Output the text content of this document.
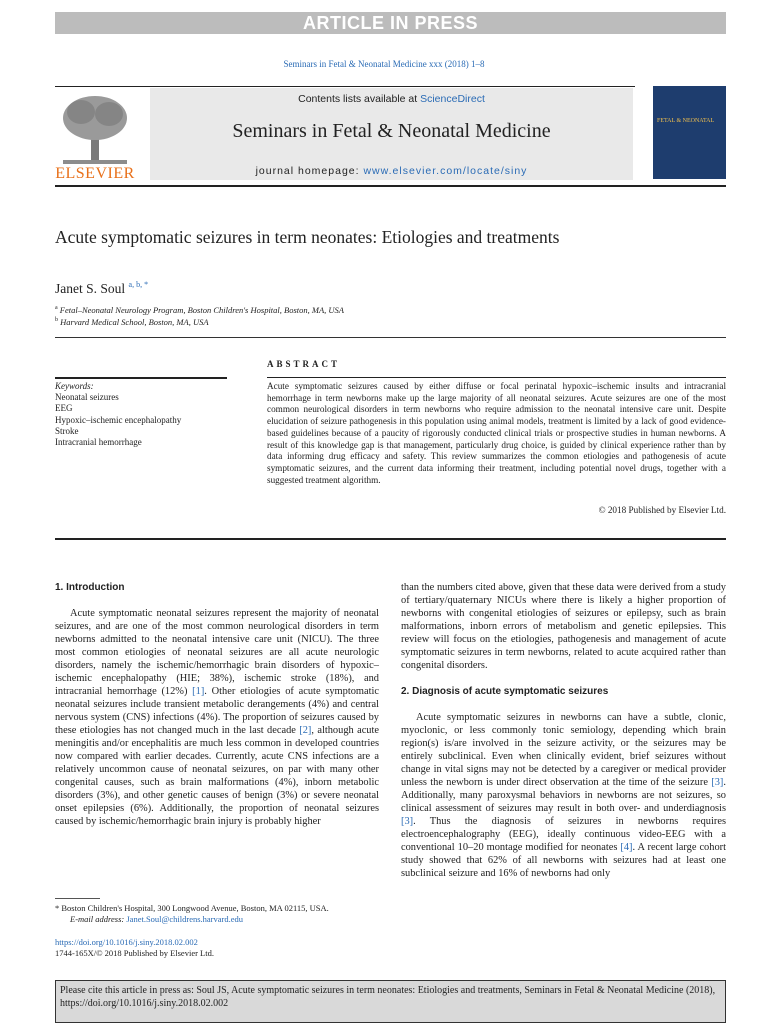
ARTICLE IN PRESS
Seminars in Fetal & Neonatal Medicine xxx (2018) 1–8
ELSEVIER
Contents lists available at ScienceDirect
Seminars in Fetal & Neonatal Medicine
journal homepage: www.elsevier.com/locate/siny
FETAL & NEONATAL
Acute symptomatic seizures in term neonates: Etiologies and treatments
Janet S. Soul $^{a, b, *}$
$^a$ Fetal–Neonatal Neurology Program, Boston Children's Hospital, Boston, MA, USA
$^b$ Harvard Medical School, Boston, MA, USA
ABSTRACT
Keywords:
Neonatal seizures
EEG
Hypoxic–ischemic encephalopathy
Stroke
Intracranial hemorrhage
Acute symptomatic seizures caused by either diffuse or focal perinatal hypoxic–ischemic insults and intracranial hemorrhage in term newborns make up the large majority of all neonatal seizures. Acute seizures are one of the most common neurological disorders in term newborns who require admission to the neonatal intensive care unit. Despite elucidation of seizure pathogenesis in this population using animal models, treatment is limited by a lack of good evidence-based guidelines because of a paucity of rigorously conducted clinical trials or prospective studies in human newborns. A result of this knowledge gap is that management, particularly drug choice, is guided by clinical experience rather than by data informing drug efficacy and safety. This review summarizes the common etiologies and pathogenesis of acute symptomatic seizures, and the current data informing their treatment, including potential novel drugs, together with a suggested treatment algorithm.
© 2018 Published by Elsevier Ltd.
1. Introduction
Acute symptomatic neonatal seizures represent the majority of neonatal seizures, and are one of the most common neurological disorders in term newborns admitted to the neonatal intensive care unit (NICU). The three most common etiologies of neonatal seizures are all acute neurologic disorders, namely the ischemic/hemorrhagic brain disorders of hypoxic–ischemic encephalopathy (HIE; 38%), ischemic stroke (18%), and intracranial hemorrhage (12%) [1]. Other etiologies of acute symptomatic neonatal seizures include transient metabolic derangements (4%) and central nervous system (CNS) infections (4%). The proportion of seizures caused by these etiologies has not changed much in the last decade [2], although acute meningitis and/or encephalitis are much less common in developed countries now compared with earlier decades. Currently, acute CNS infections are a relatively uncommon cause of neonatal seizures, on par with many other congenital causes, such as brain malformations (4%), inborn metabolic disorders (3%), and other genetic causes of benign (3%) or severe neonatal onset epilepsies (6%). Additionally, the proportion of neonatal seizures caused by ischemic/hemorrhagic brain injury is probably higher
than the numbers cited above, given that these data were derived from a study of tertiary/quaternary NICUs where there is likely a higher proportion of newborns with congenital etiologies of seizures or epilepsy, such as brain malformations, inborn errors of metabolism and genetic epilepsies. This review will focus on the etiologies, pathogenesis and management of acute symptomatic seizures in term newborns, related to acute acquired rather than congenital disorders.
2. Diagnosis of acute symptomatic seizures
Acute symptomatic seizures in newborns can have a subtle, clonic, myoclonic, or less commonly tonic semiology, depending which brain region(s) is/are involved in the seizure activity, or the seizures may be entirely subclinical. Even when clinically evident, brief seizures without change in vital signs may not be detected by a caregiver or medical provider unless the newborn is under direct observation at the time of the seizure [3]. Additionally, many paroxysmal behaviors in newborns are not seizures, so clinical assessment of seizures may result in both over- and underdiagnosis [3]. Thus the diagnosis of seizures in newborns requires electroencephalography (EEG), ideally continuous video-EEG with a conventional 10–20 montage modified for neonates [4]. A recent large cohort study showed that 62% of all newborns with seizures had at least one subclinical seizure and 16% of newborns had only
* Boston Children's Hospital, 300 Longwood Avenue, Boston, MA 02115, USA.
E-mail address: Janet.Soul@childrens.harvard.edu
https://doi.org/10.1016/j.siny.2018.02.002
1744-165X/© 2018 Published by Elsevier Ltd.
Please cite this article in press as: Soul JS, Acute symptomatic seizures in term neonates: Etiologies and treatments, Seminars in Fetal & Neonatal Medicine (2018), https://doi.org/10.1016/j.siny.2018.02.002
